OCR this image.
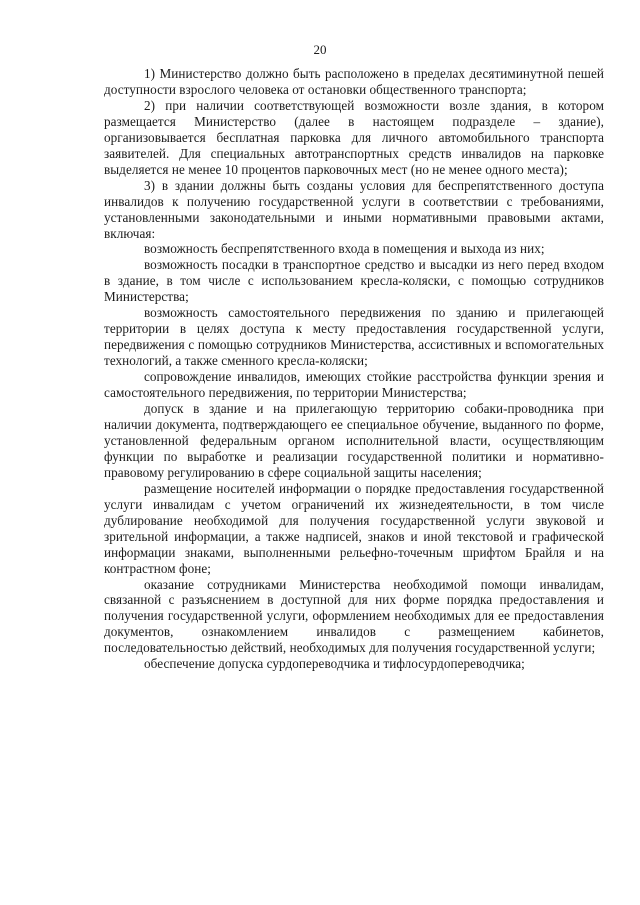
20

1) Министерство должно быть расположено в пределах десятиминутной пешей доступности взрослого человека от остановки общественного транспорта;

2) при наличии соответствующей возможности возле здания, в котором размещается Министерство (далее в настоящем подразделе – здание), организовывается бесплатная парковка для личного автомобильного транспорта заявителей. Для специальных автотранспортных средств инвалидов на парковке выделяется не менее 10 процентов парковочных мест (но не менее одного места);

3) в здании должны быть созданы условия для беспрепятственного доступа инвалидов к получению государственной услуги в соответствии с требованиями, установленными законодательными и иными нормативными правовыми актами, включая:

возможность беспрепятственного входа в помещения и выхода из них;

возможность посадки в транспортное средство и высадки из него перед входом в здание, в том числе с использованием кресла-коляски, с помощью сотрудников Министерства;

возможность самостоятельного передвижения по зданию и прилегающей территории в целях доступа к месту предоставления государственной услуги, передвижения с помощью сотрудников Министерства, ассистивных и вспомогательных технологий, а также сменного кресла-коляски;

сопровождение инвалидов, имеющих стойкие расстройства функции зрения и самостоятельного передвижения, по территории Министерства;

допуск в здание и на прилегающую территорию собаки-проводника при наличии документа, подтверждающего ее специальное обучение, выданного по форме, установленной федеральным органом исполнительной власти, осуществляющим функции по выработке и реализации государственной политики и нормативно-правовому регулированию в сфере социальной защиты населения;

размещение носителей информации о порядке предоставления государственной услуги инвалидам с учетом ограничений их жизнедеятельности, в том числе дублирование необходимой для получения государственной услуги звуковой и зрительной информации, а также надписей, знаков и иной текстовой и графической информации знаками, выполненными рельефно-точечным шрифтом Брайля и на контрастном фоне;

оказание сотрудниками Министерства необходимой помощи инвалидам, связанной с разъяснением в доступной для них форме порядка предоставления и получения государственной услуги, оформлением необходимых для ее предоставления документов, ознакомлением инвалидов с размещением кабинетов, последовательностью действий, необходимых для получения государственной услуги;

обеспечение допуска сурдопереводчика и тифлосурдопереводчика;
